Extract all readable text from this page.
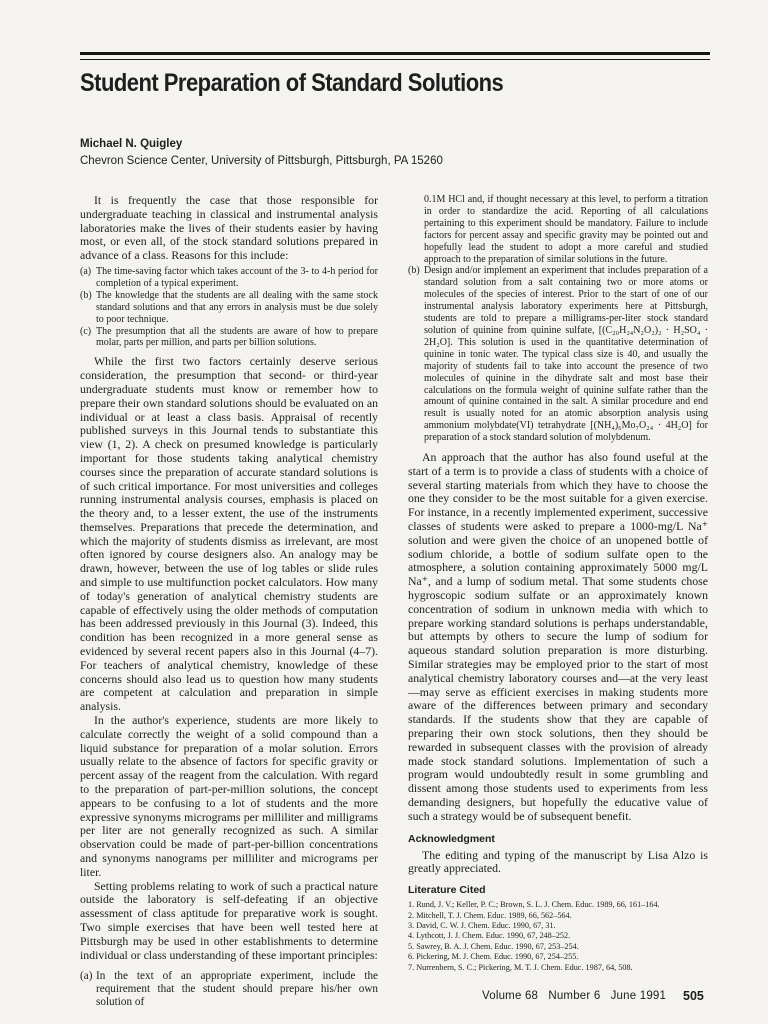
Student Preparation of Standard Solutions
Michael N. Quigley
Chevron Science Center, University of Pittsburgh, Pittsburgh, PA 15260

It is frequently the case that those responsible for undergraduate teaching in classical and instrumental analysis laboratories make the lives of their students easier by having most, or even all, of the stock standard solutions prepared in advance of a class. Reasons for this include:

(a) The time-saving factor which takes account of the 3- to 4-h period for completion of a typical experiment.
(b) The knowledge that the students are all dealing with the same stock standard solutions and that any errors in analysis must be due solely to poor technique.
(c) The presumption that all the students are aware of how to prepare molar, parts per million, and parts per billion solutions.

While the first two factors certainly deserve serious consideration, the presumption that second- or third-year undergraduate students must know or remember how to prepare their own standard solutions should be evaluated on an individual or at least a class basis. Appraisal of recently published surveys in this Journal tends to substantiate this view (1, 2). A check on presumed knowledge is particularly important for those students taking analytical chemistry courses since the preparation of accurate standard solutions is of such critical importance. For most universities and colleges running instrumental analysis courses, emphasis is placed on the theory and, to a lesser extent, the use of the instruments themselves. Preparations that precede the determination, and which the majority of students dismiss as irrelevant, are most often ignored by course designers also. An analogy may be drawn, however, between the use of log tables or slide rules and simple to use multifunction pocket calculators. How many of today's generation of analytical chemistry students are capable of effectively using the older methods of computation has been addressed previously in this Journal (3). Indeed, this condition has been recognized in a more general sense as evidenced by several recent papers also in this Journal (4–7). For teachers of analytical chemistry, knowledge of these concerns should also lead us to question how many students are competent at calculation and preparation in simple analysis.

In the author's experience, students are more likely to calculate correctly the weight of a solid compound than a liquid substance for preparation of a molar solution. Errors usually relate to the absence of factors for specific gravity or percent assay of the reagent from the calculation. With regard to the preparation of part-per-million solutions, the concept appears to be confusing to a lot of students and the more expressive synonyms micrograms per milliliter and milligrams per liter are not generally recognized as such. A similar observation could be made of part-per-billion concentrations and synonyms nanograms per milliliter and micrograms per liter.

Setting problems relating to work of such a practical nature outside the laboratory is self-defeating if an objective assessment of class aptitude for preparative work is sought. Two simple exercises that have been well tested here at Pittsburgh may be used in other establishments to determine individual or class understanding of these important principles:

(a) In the text of an appropriate experiment, include the requirement that the student should prepare his/her own solution of

0.1M HCl and, if thought necessary at this level, to perform a titration in order to standardize the acid. Reporting of all calculations pertaining to this experiment should be mandatory. Failure to include factors for percent assay and specific gravity may be pointed out and hopefully lead the student to adopt a more careful and studied approach to the preparation of similar solutions in the future.

(b) Design and/or implement an experiment that includes preparation of a standard solution from a salt containing two or more atoms or molecules of the species of interest. Prior to the start of one of our instrumental analysis laboratory experiments here at Pittsburgh, students are told to prepare a milligrams-per-liter stock standard solution of quinine from quinine sulfate, [(C₂₀H₂₄N₂O₂)₂ · H₂SO₄ · 2H₂O]. This solution is used in the quantitative determination of quinine in tonic water. The typical class size is 40, and usually the majority of students fail to take into account the presence of two molecules of quinine in the dihydrate salt and most base their calculations on the formula weight of quinine sulfate rather than the amount of quinine contained in the salt. A similar procedure and end result is usually noted for an atomic absorption analysis using ammonium molybdate(VI) tetrahydrate [(NH₄)₆Mo₇O₂₄ · 4H₂O] for preparation of a stock standard solution of molybdenum.

An approach that the author has also found useful at the start of a term is to provide a class of students with a choice of several starting materials from which they have to choose the one they consider to be the most suitable for a given exercise. For instance, in a recently implemented experiment, successive classes of students were asked to prepare a 1000-mg/L Na⁺ solution and were given the choice of an unopened bottle of sodium chloride, a bottle of sodium sulfate open to the atmosphere, a solution containing approximately 5000 mg/L Na⁺, and a lump of sodium metal. That some students chose hygroscopic sodium sulfate or an approximately known concentration of sodium in unknown media with which to prepare working standard solutions is perhaps understandable, but attempts by others to secure the lump of sodium for aqueous standard solution preparation is more disturbing. Similar strategies may be employed prior to the start of most analytical chemistry laboratory courses and—at the very least—may serve as efficient exercises in making students more aware of the differences between primary and secondary standards. If the students show that they are capable of preparing their own stock solutions, then they should be rewarded in subsequent classes with the provision of already made stock standard solutions. Implementation of such a program would undoubtedly result in some grumbling and dissent among those students used to experiments from less demanding designers, but hopefully the educative value of such a strategy would be of subsequent benefit.

Acknowledgment

The editing and typing of the manuscript by Lisa Alzo is greatly appreciated.

Literature Cited
1. Rund, J. V.; Keller, P. C.; Brown, S. L. J. Chem. Educ. 1989, 66, 161–164.
2. Mitchell, T. J. Chem. Educ. 1989, 66, 562–564.
3. David, C. W. J. Chem. Educ. 1990, 67, 31.
4. Lythcott, J. J. Chem. Educ. 1990, 67, 248–252.
5. Sawrey, B. A. J. Chem. Educ. 1990, 67, 253–254.
6. Pickering, M. J. Chem. Educ. 1990, 67, 254–255.
7. Nurrenbern, S. C.; Pickering, M. T. J. Chem. Educ. 1987, 64, 508.
Volume 68   Number 6   June 1991 505
